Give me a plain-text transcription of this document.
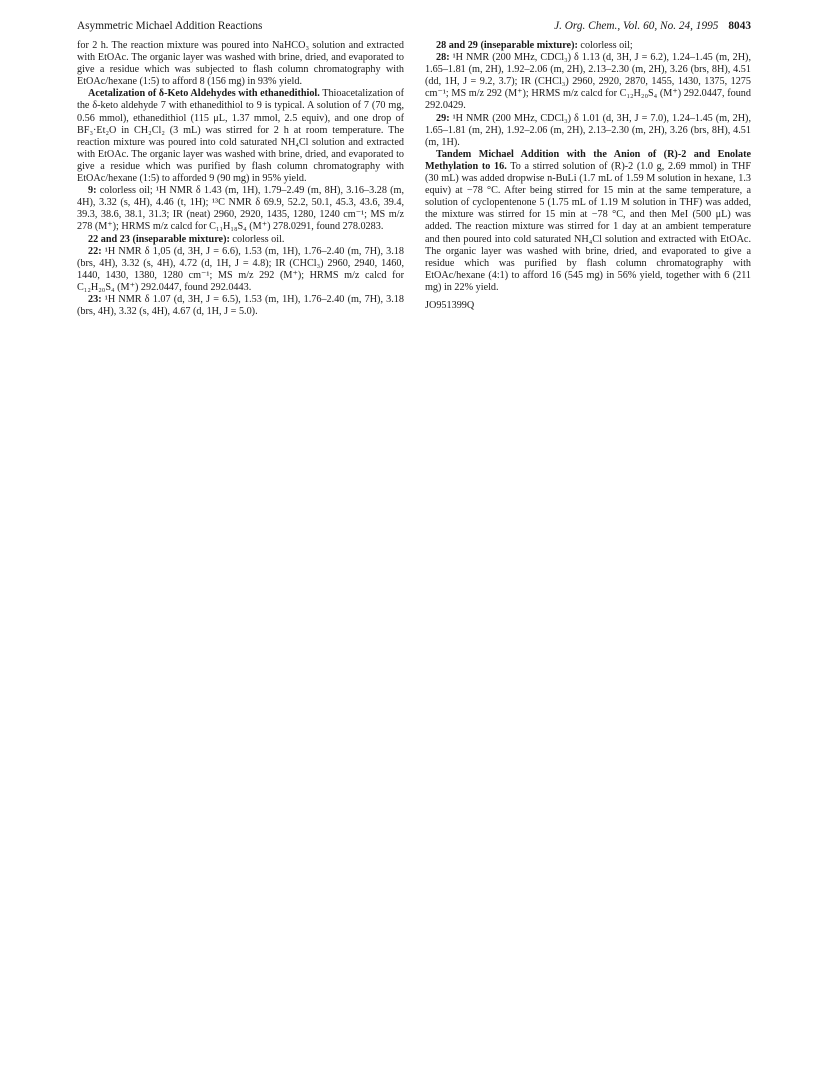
Asymmetric Michael Addition Reactions	J. Org. Chem., Vol. 60, No. 24, 1995 8043

for 2 h. The reaction mixture was poured into NaHCO₃ solution and extracted with EtOAc. The organic layer was washed with brine, dried, and evaporated to give a residue which was subjected to flash column chromatography with EtOAc/hexane (1:5) to afford 8 (156 mg) in 93% yield.

Acetalization of δ-Keto Aldehydes with ethanedithiol. Thioacetalization of the δ-keto aldehyde 7 with ethanedithiol to 9 is typical. A solution of 7 (70 mg, 0.56 mmol), ethanedithiol (115 μL, 1.37 mmol, 2.5 equiv), and one drop of BF₃·Et₂O in CH₂Cl₂ (3 mL) was stirred for 2 h at room temperature. The reaction mixture was poured into cold saturated NH₄Cl solution and extracted with EtOAc. The organic layer was washed with brine, dried, and evaporated to give a residue which was purified by flash column chromatography with EtOAc/hexane (1:5) to afforded 9 (90 mg) in 95% yield.

9: colorless oil; ¹H NMR δ 1.43 (m, 1H), 1.79–2.49 (m, 8H), 3.16–3.28 (m, 4H), 3.32 (s, 4H), 4.46 (t, 1H); ¹³C NMR δ 69.9, 52.2, 50.1, 45.3, 43.6, 39.4, 39.3, 38.6, 38.1, 31.3; IR (neat) 2960, 2920, 1435, 1280, 1240 cm⁻¹; MS m/z 278 (M⁺); HRMS m/z calcd for C₁₁H₁₈S₄ (M⁺) 278.0291, found 278.0283.

22 and 23 (inseparable mixture): colorless oil.

22: ¹H NMR δ 1,05 (d, 3H, J = 6.6), 1.53 (m, 1H), 1.76–2.40 (m, 7H), 3.18 (brs, 4H), 3.32 (s, 4H), 4.72 (d, 1H, J = 4.8); IR (CHCl₃) 2960, 2940, 1460, 1440, 1430, 1380, 1280 cm⁻¹; MS m/z 292 (M⁺); HRMS m/z calcd for C₁₂H₂₀S₄ (M⁺) 292.0447, found 292.0443.

23: ¹H NMR δ 1.07 (d, 3H, J = 6.5), 1.53 (m, 1H), 1.76–2.40 (m, 7H), 3.18 (brs, 4H), 3.32 (s, 4H), 4.67 (d, 1H, J = 5.0).

28 and 29 (inseparable mixture): colorless oil;

28: ¹H NMR (200 MHz, CDCl₃) δ 1.13 (d, 3H, J = 6.2), 1.24–1.45 (m, 2H), 1.65–1.81 (m, 2H), 1.92–2.06 (m, 2H), 2.13–2.30 (m, 2H), 3.26 (brs, 8H), 4.51 (dd, 1H, J = 9.2, 3.7); IR (CHCl₃) 2960, 2920, 2870, 1455, 1430, 1375, 1275 cm⁻¹; MS m/z 292 (M⁺); HRMS m/z calcd for C₁₂H₂₀S₄ (M⁺) 292.0447, found 292.0429.

29: ¹H NMR (200 MHz, CDCl₃) δ 1.01 (d, 3H, J = 7.0), 1.24–1.45 (m, 2H), 1.65–1.81 (m, 2H), 1.92–2.06 (m, 2H), 2.13–2.30 (m, 2H), 3.26 (brs, 8H), 4.51 (m, 1H).

Tandem Michael Addition with the Anion of (R)-2 and Enolate Methylation to 16. To a stirred solution of (R)-2 (1.0 g, 2.69 mmol) in THF (30 mL) was added dropwise n-BuLi (1.7 mL of 1.59 M solution in hexane, 1.3 equiv) at −78 °C. After being stirred for 15 min at the same temperature, a solution of cyclopentenone 5 (1.75 mL of 1.19 M solution in THF) was added, the mixture was stirred for 15 min at −78 °C, and then MeI (500 μL) was added. The reaction mixture was stirred for 1 day at an ambient temperature and then poured into cold saturated NH₄Cl solution and extracted with EtOAc. The organic layer was washed with brine, dried, and evaporated to give a residue which was purified by flash column chromatography with EtOAc/hexane (4:1) to afford 16 (545 mg) in 56% yield, together with 6 (211 mg) in 22% yield.

JO951399Q
